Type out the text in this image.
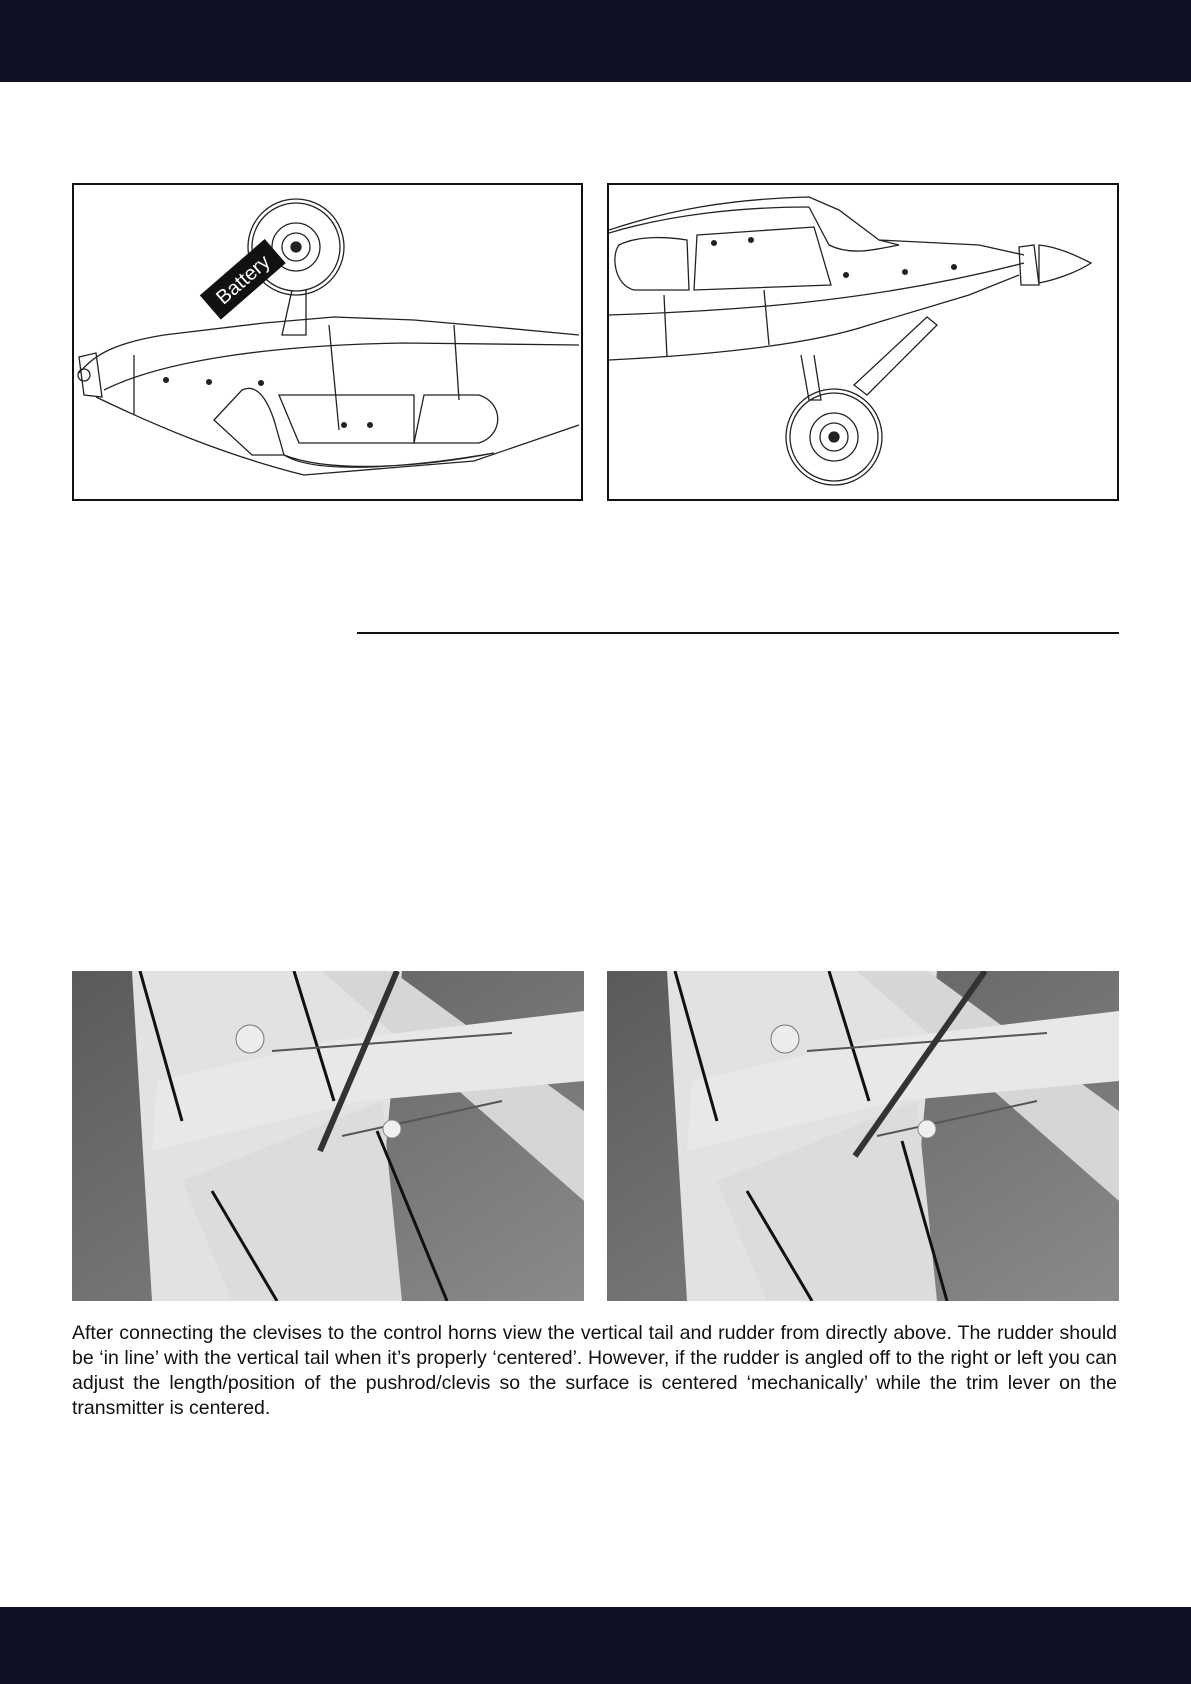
Battery

After connecting the clevises to the control horns view the vertical tail and rudder from directly above. The rudder should be ‘in line’ with the vertical tail when it’s properly ‘centered’. However, if the rudder is angled off to the right or left you can adjust the length/position of the pushrod/clevis so the surface is centered ‘mechanically’ while the trim lever on the transmitter is centered.
